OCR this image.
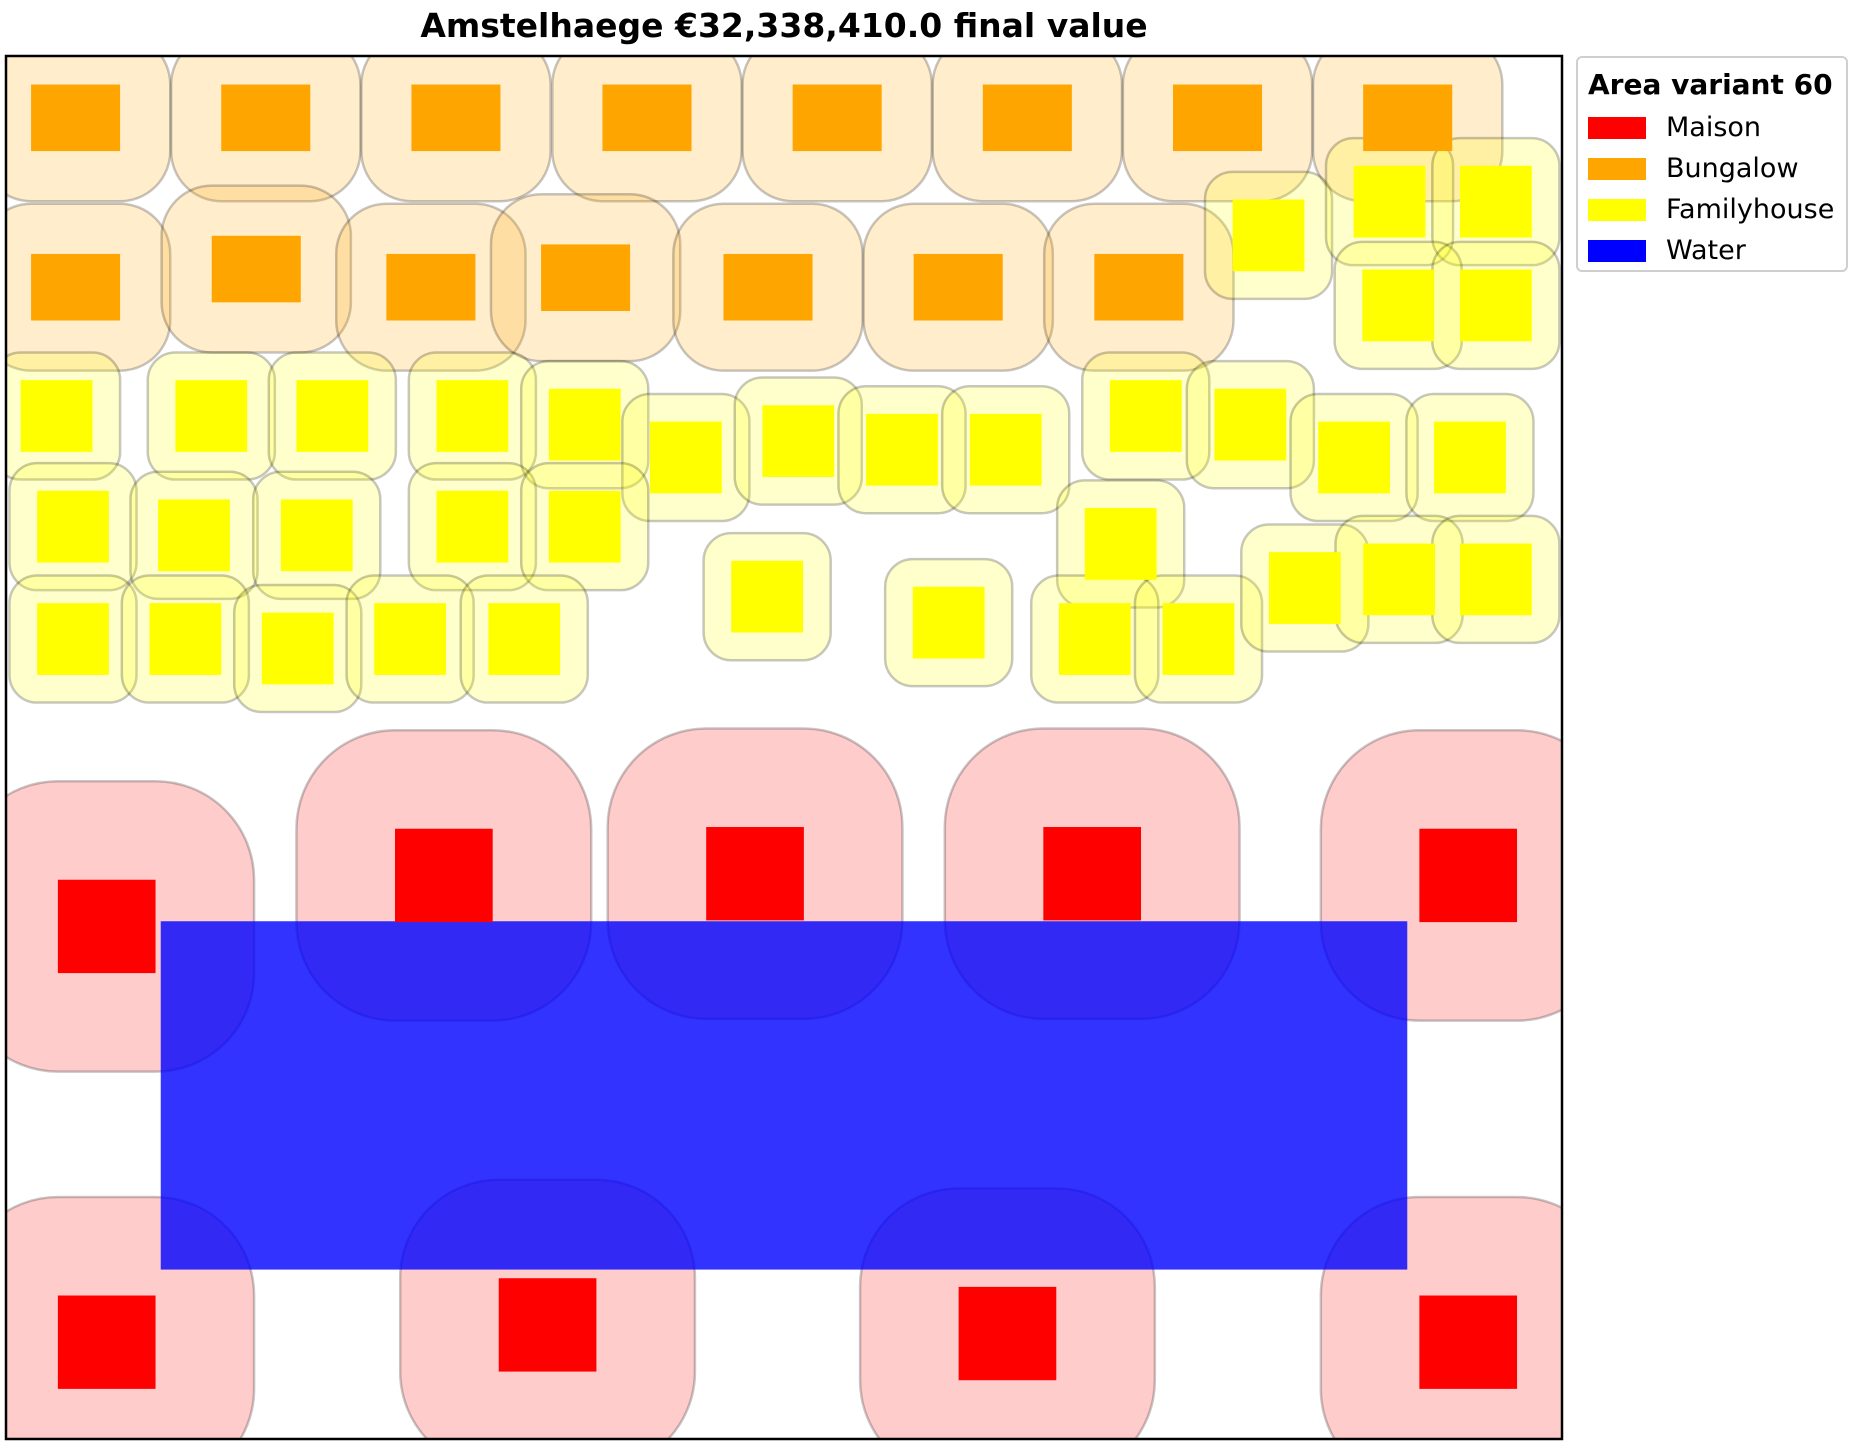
Amstelhaege €32,338,410.0 final value
Area variant 60
Maison
Bungalow
Familyhouse
Water
